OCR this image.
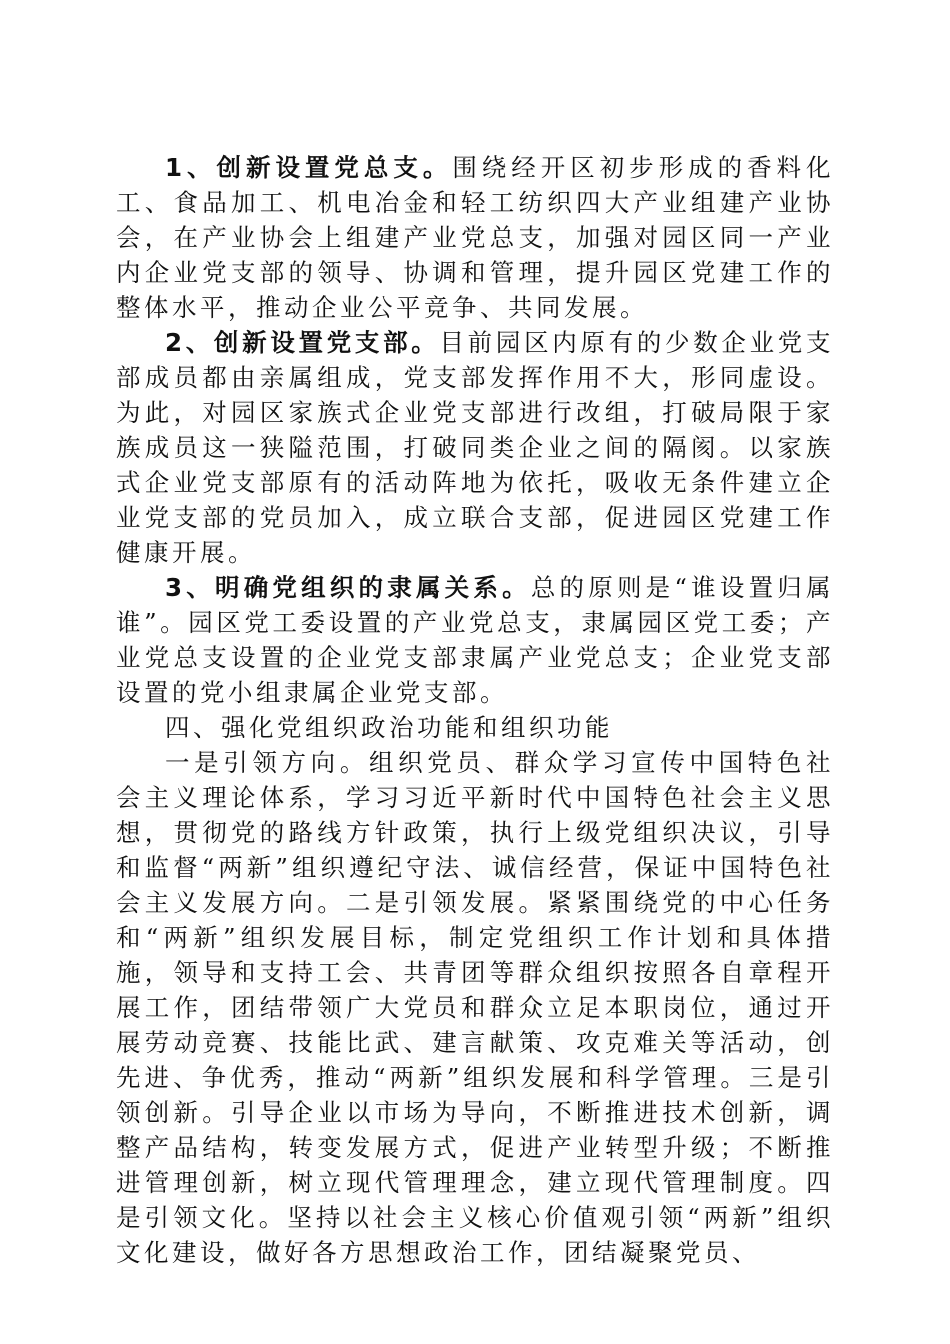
1、创新设置党总支。围绕经开区初步形成的香料化工、食品加工、机电冶金和轻工纺织四大产业组建产业协会，在产业协会上组建产业党总支，加强对园区同一产业内企业党支部的领导、协调和管理，提升园区党建工作的整体水平，推动企业公平竞争、共同发展。

2、创新设置党支部。目前园区内原有的少数企业党支部成员都由亲属组成，党支部发挥作用不大，形同虚设。为此，对园区家族式企业党支部进行改组，打破局限于家族成员这一狭隘范围，打破同类企业之间的隔阂。以家族式企业党支部原有的活动阵地为依托，吸收无条件建立企业党支部的党员加入，成立联合支部，促进园区党建工作健康开展。

3、明确党组织的隶属关系。总的原则是“谁设置归属谁”。园区党工委设置的产业党总支，隶属园区党工委；产业党总支设置的企业党支部隶属产业党总支；企业党支部设置的党小组隶属企业党支部。

四、强化党组织政治功能和组织功能

一是引领方向。组织党员、群众学习宣传中国特色社会主义理论体系，学习习近平新时代中国特色社会主义思想，贯彻党的路线方针政策，执行上级党组织决议，引导和监督“两新”组织遵纪守法、诚信经营，保证中国特色社会主义发展方向。二是引领发展。紧紧围绕党的中心任务和“两新”组织发展目标，制定党组织工作计划和具体措施，领导和支持工会、共青团等群众组织按照各自章程开展工作，团结带领广大党员和群众立足本职岗位，通过开展劳动竞赛、技能比武、建言献策、攻克难关等活动，创先进、争优秀，推动“两新”组织发展和科学管理。三是引领创新。引导企业以市场为导向，不断推进技术创新，调整产品结构，转变发展方式，促进产业转型升级；不断推进管理创新，树立现代管理理念，建立现代管理制度。四是引领文化。坚持以社会主义核心价值观引领“两新”组织文化建设，做好各方思想政治工作，团结凝聚党员、
